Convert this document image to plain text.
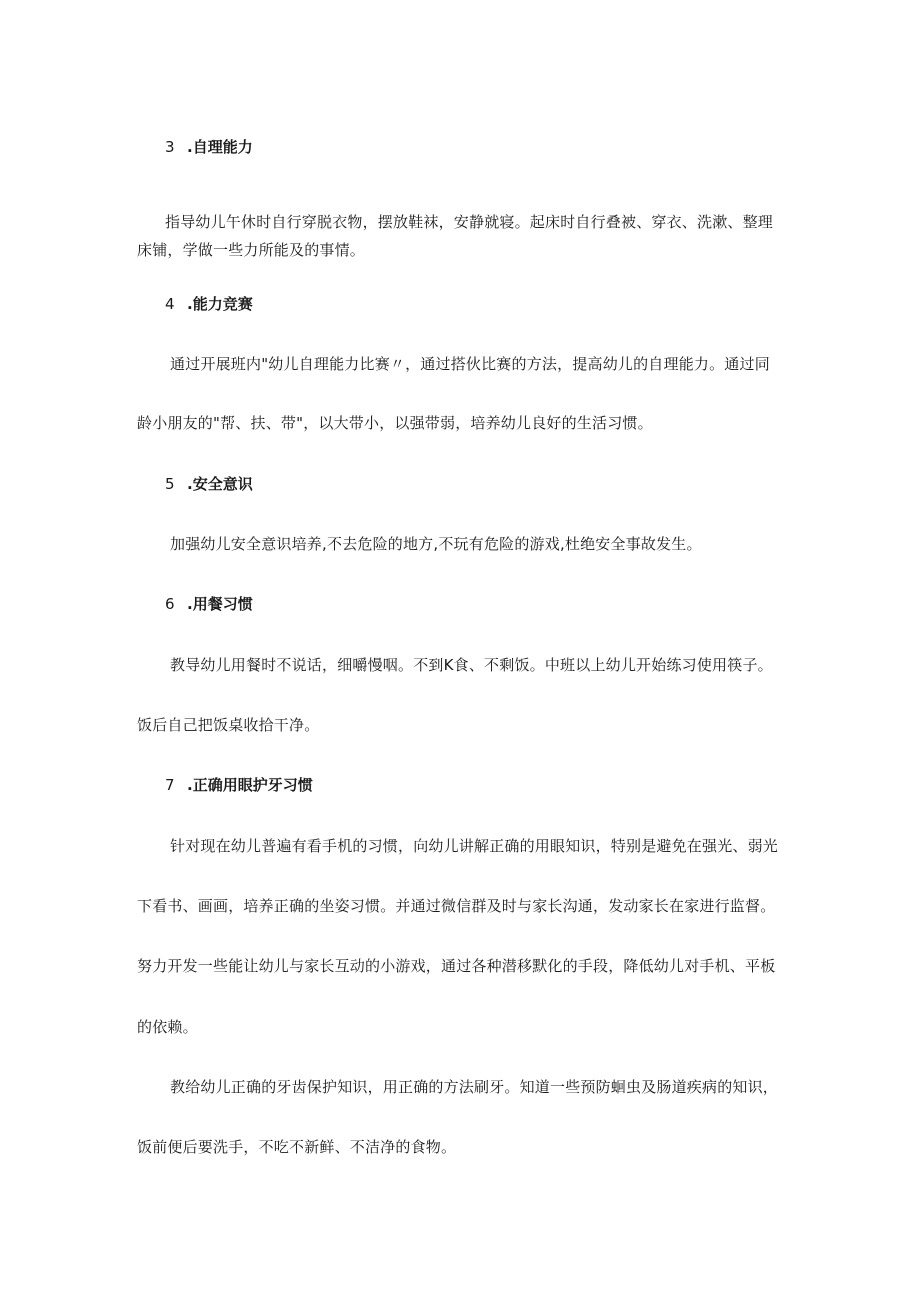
3 .自理能力
指导幼儿午休时自行穿脱衣物，摆放鞋袜，安静就寝。起床时自行叠被、穿衣、洗漱、整理
床铺，学做一些力所能及的事情。
4 .能力竞赛
通过开展班内"幼儿自理能力比赛〃，通过搭伙比赛的方法，提高幼儿的自理能力。通过同
龄小朋友的"帮、扶、带"，以大带小，以强带弱，培养幼儿良好的生活习惯。
5 .安全意识
加强幼儿安全意识培养,不去危险的地方,不玩有危险的游戏,杜绝安全事故发生。
6 .用餐习惯
教导幼儿用餐时不说话，细嚼慢咽。不到K食、不剩饭。中班以上幼儿开始练习使用筷子。
饭后自己把饭桌收拾干净。
7 .正确用眼护牙习惯
针对现在幼儿普遍有看手机的习惯，向幼儿讲解正确的用眼知识，特别是避免在强光、弱光
下看书、画画，培养正确的坐姿习惯。并通过微信群及时与家长沟通，发动家长在家进行监督。
努力开发一些能让幼儿与家长互动的小游戏，通过各种潜移默化的手段，降低幼儿对手机、平板
的依赖。
教给幼儿正确的牙齿保护知识，用正确的方法刷牙。知道一些预防蛔虫及肠道疾病的知识，
饭前便后要洗手，不吃不新鲜、不洁净的食物。
